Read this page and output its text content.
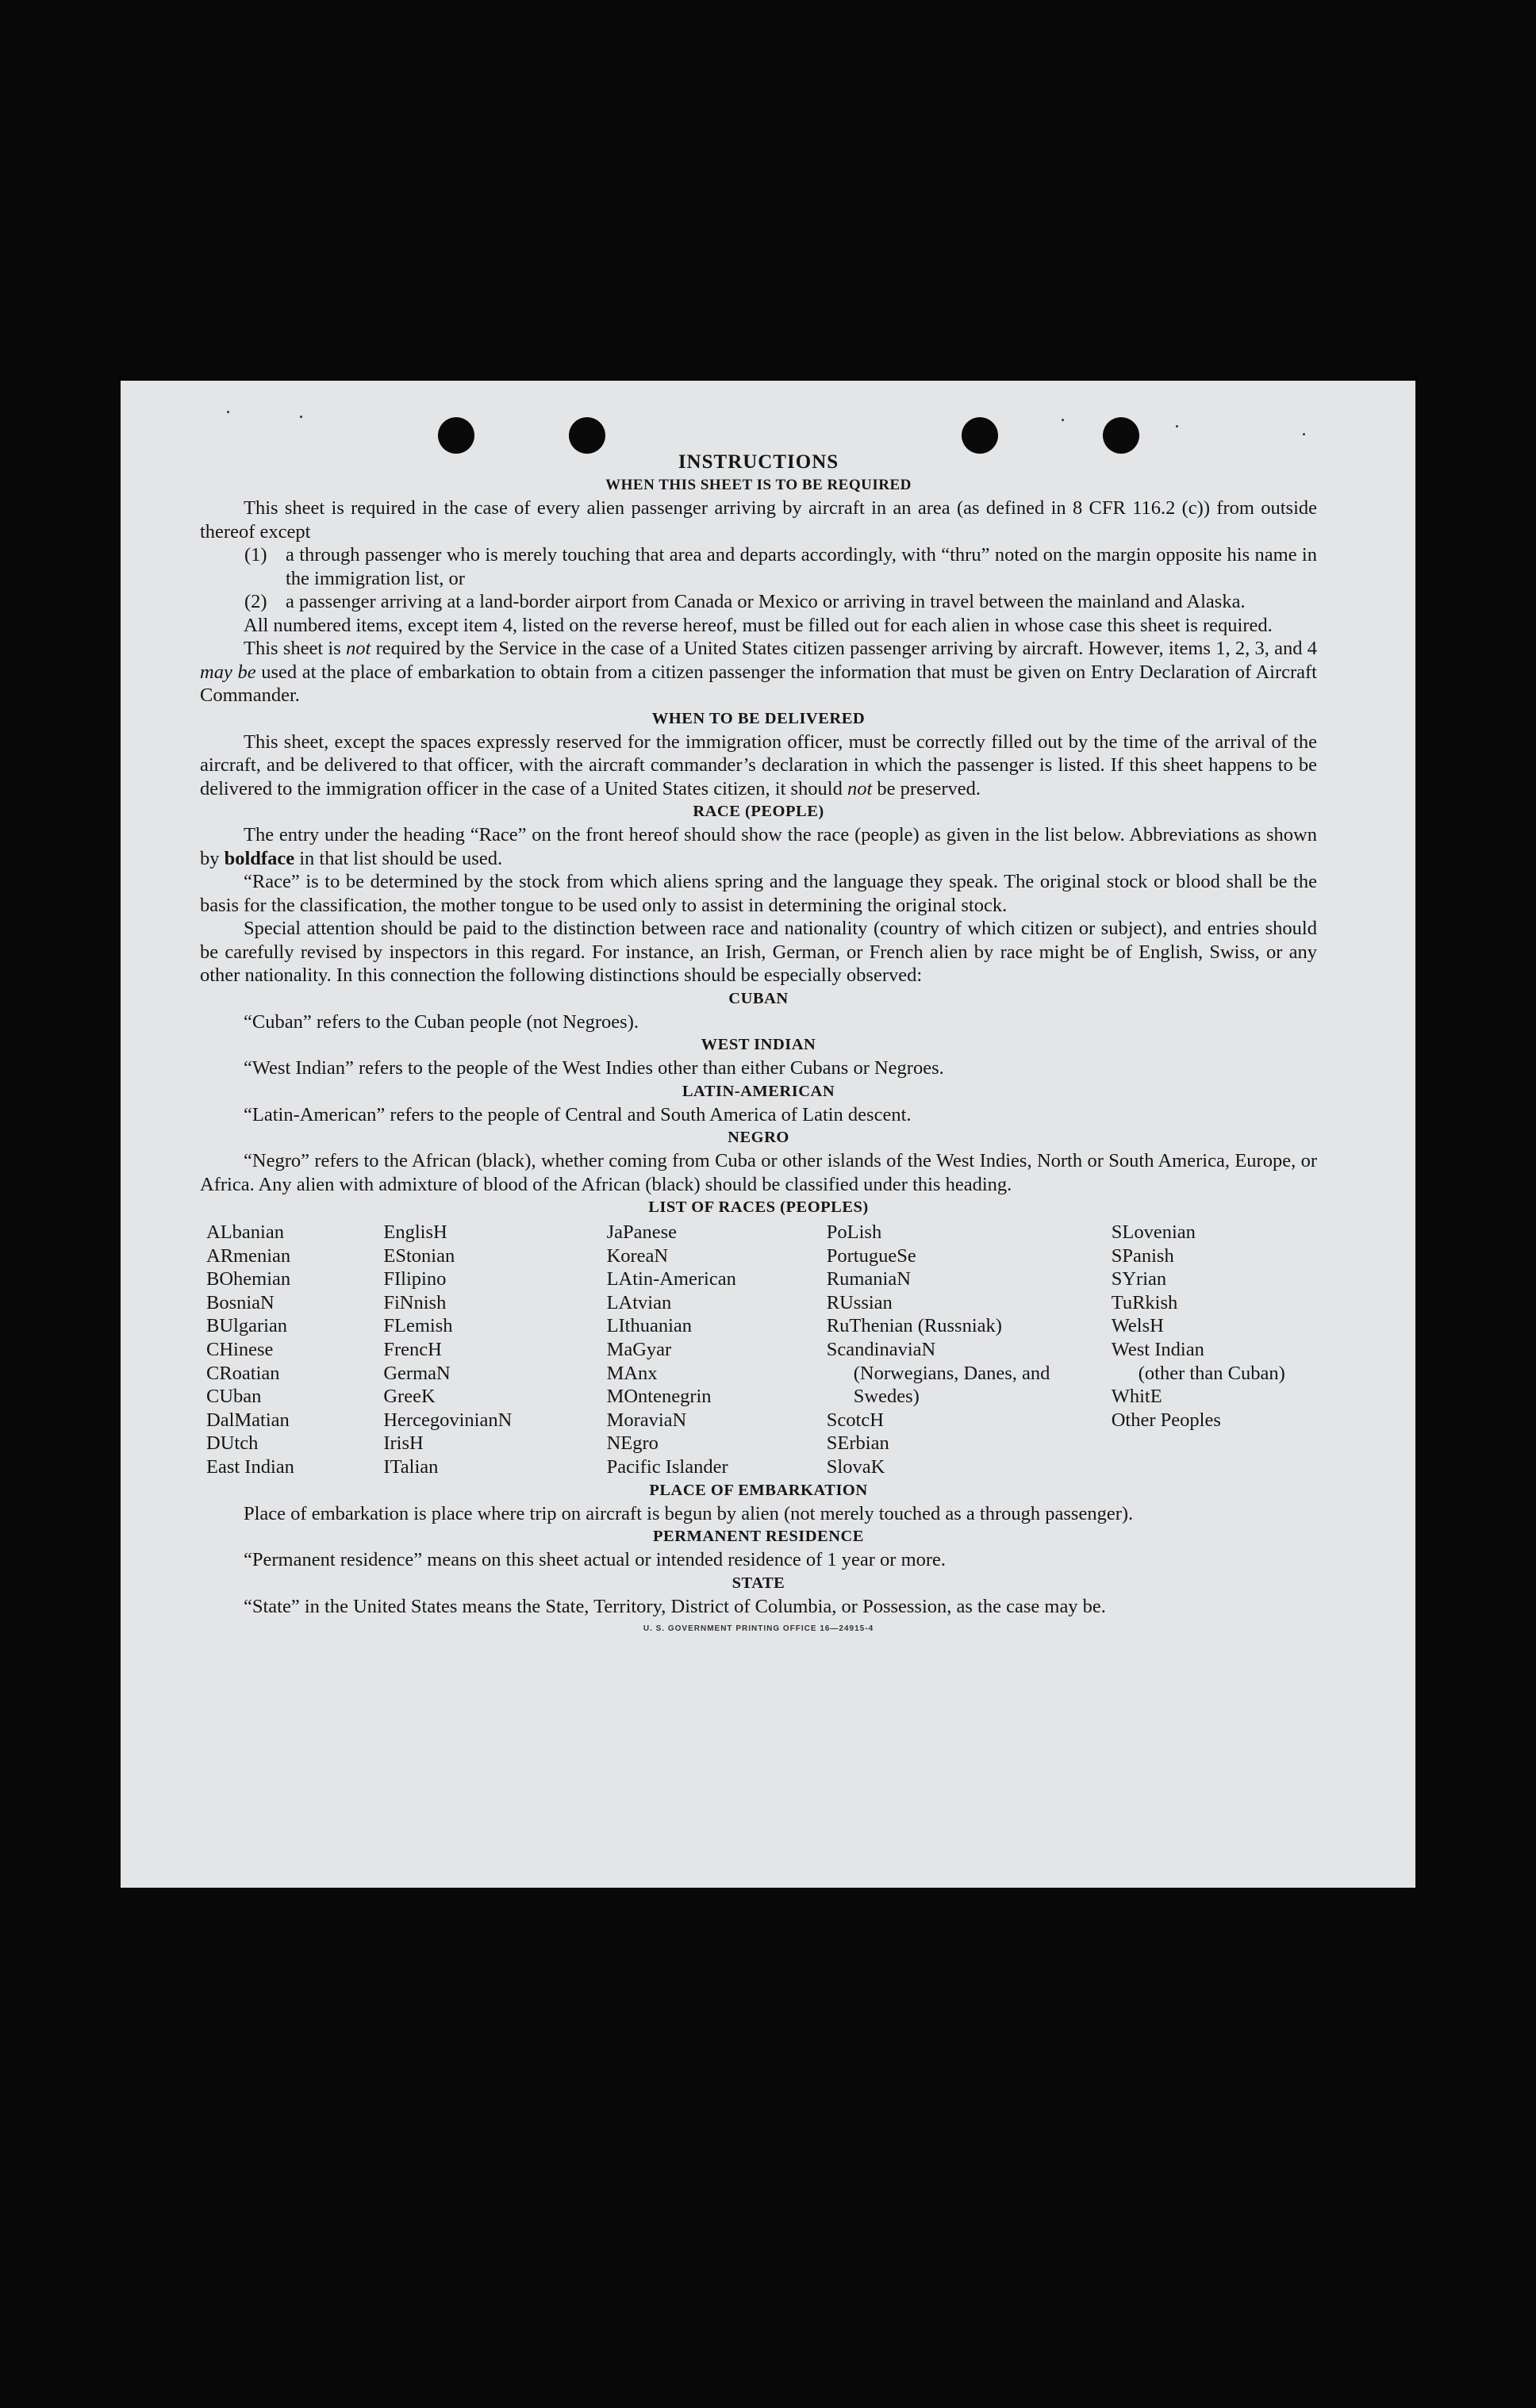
INSTRUCTIONS
WHEN THIS SHEET IS TO BE REQUIRED

This sheet is required in the case of every alien passenger arriving by aircraft in an area (as defined in 8 CFR 116.2 (c)) from outside thereof except

(1) a through passenger who is merely touching that area and departs accordingly, with “thru” noted on the margin opposite his name in the immigration list, or
(2) a passenger arriving at a land-border airport from Canada or Mexico or arriving in travel between the mainland and Alaska.

All numbered items, except item 4, listed on the reverse hereof, must be filled out for each alien in whose case this sheet is required.

This sheet is not required by the Service in the case of a United States citizen passenger arriving by aircraft. However, items 1, 2, 3, and 4 may be used at the place of embarkation to obtain from a citizen passenger the information that must be given on Entry Declaration of Aircraft Commander.

WHEN TO BE DELIVERED

This sheet, except the spaces expressly reserved for the immigration officer, must be correctly filled out by the time of the arrival of the aircraft, and be delivered to that officer, with the aircraft commander’s declaration in which the passenger is listed. If this sheet happens to be delivered to the immigration officer in the case of a United States citizen, it should not be preserved.

RACE (PEOPLE)

The entry under the heading “Race” on the front hereof should show the race (people) as given in the list below. Abbreviations as shown by boldface in that list should be used.

“Race” is to be determined by the stock from which aliens spring and the language they speak. The original stock or blood shall be the basis for the classification, the mother tongue to be used only to assist in determining the original stock.

Special attention should be paid to the distinction between race and nationality (country of which citizen or subject), and entries should be carefully revised by inspectors in this regard. For instance, an Irish, German, or French alien by race might be of English, Swiss, or any other nationality. In this connection the following distinctions should be especially observed:

CUBAN

“Cuban” refers to the Cuban people (not Negroes).

WEST INDIAN

“West Indian” refers to the people of the West Indies other than either Cubans or Negroes.

LATIN-AMERICAN

“Latin-American” refers to the people of Central and South America of Latin descent.

NEGRO

“Negro” refers to the African (black), whether coming from Cuba or other islands of the West Indies, North or South America, Europe, or Africa. Any alien with admixture of blood of the African (black) should be classified under this heading.

LIST OF RACES (PEOPLES)
ALbanian
ARmenian
BOhemian
BosniaN
BUlgarian
CHinese
CRoatian
CUban
DalMatian
DUtch
East Indian
EnglisH
EStonian
FIlipino
FiNnish
FLemish
FrencH
GermaN
GreeK
HercegovinianN
IrisH
ITalian
JaPanese
KoreaN
LAtin-American
LAtvian
LIthuanian
MaGyar
MAnx
MOntenegrin
MoraviaN
NEgro
Pacific Islander
PoLish
PortugueSe
RumaniaN
RUssian
RuThenian (Russniak)
ScandinaviaN
(Norwegians, Danes, and Swedes)
ScotcH
SErbian
SlovaK
SLovenian
SPanish
SYrian
TuRkish
WelsH
West Indian
(other than Cuban)
WhitE
Other Peoples
PLACE OF EMBARKATION

Place of embarkation is place where trip on aircraft is begun by alien (not merely touched as a through passenger).

PERMANENT RESIDENCE

“Permanent residence” means on this sheet actual or intended residence of 1 year or more.

STATE

“State” in the United States means the State, Territory, District of Columbia, or Possession, as the case may be.

U. S. GOVERNMENT PRINTING OFFICE 16—24915-4
